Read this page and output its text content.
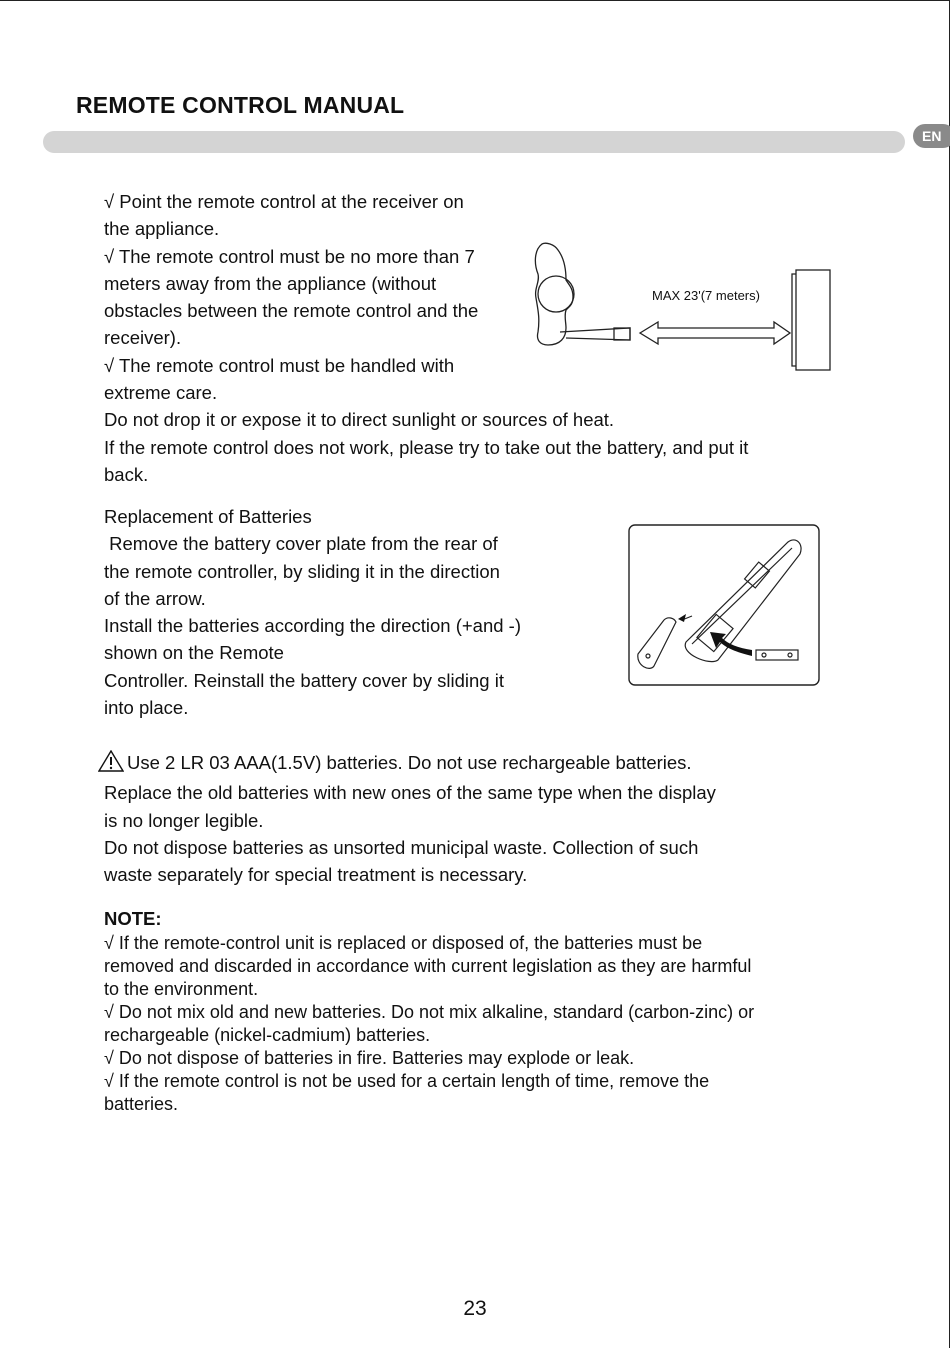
REMOTE CONTROL MANUAL
EN

√ Point the remote control at the receiver on

the appliance.

√ The remote control must be no more than 7

meters away from the appliance (without

obstacles between the remote control and the

receiver).

√ The remote control must be handled with

extreme care.

Do not drop it or expose it to direct sunlight or sources of heat.

If the remote control does not work, please try to take out the battery, and put it

back.

MAX 23'(7 meters)

Replacement of Batteries

Remove the battery cover plate from the rear of

the remote controller, by sliding it in the direction

of the arrow.

Install the batteries according the direction (+and -)

shown on the Remote

Controller. Reinstall the battery cover by sliding it

into place.

Use 2 LR 03 AAA(1.5V) batteries. Do not use rechargeable batteries.

Replace the old batteries with new ones of the same type when the display

is no longer legible.

Do not dispose batteries as unsorted municipal waste. Collection of such

waste separately for special treatment is necessary.

NOTE:

√ If the remote-control unit is replaced or disposed of, the batteries must be

removed and discarded in accordance with current legislation as they are harmful

to the environment.

√ Do not mix old and new batteries. Do not mix alkaline, standard (carbon-zinc) or

rechargeable (nickel-cadmium) batteries.

√ Do not dispose of batteries in fire. Batteries may explode or leak.

√ If the remote control is not be used for a certain length of time, remove the

batteries.

23
